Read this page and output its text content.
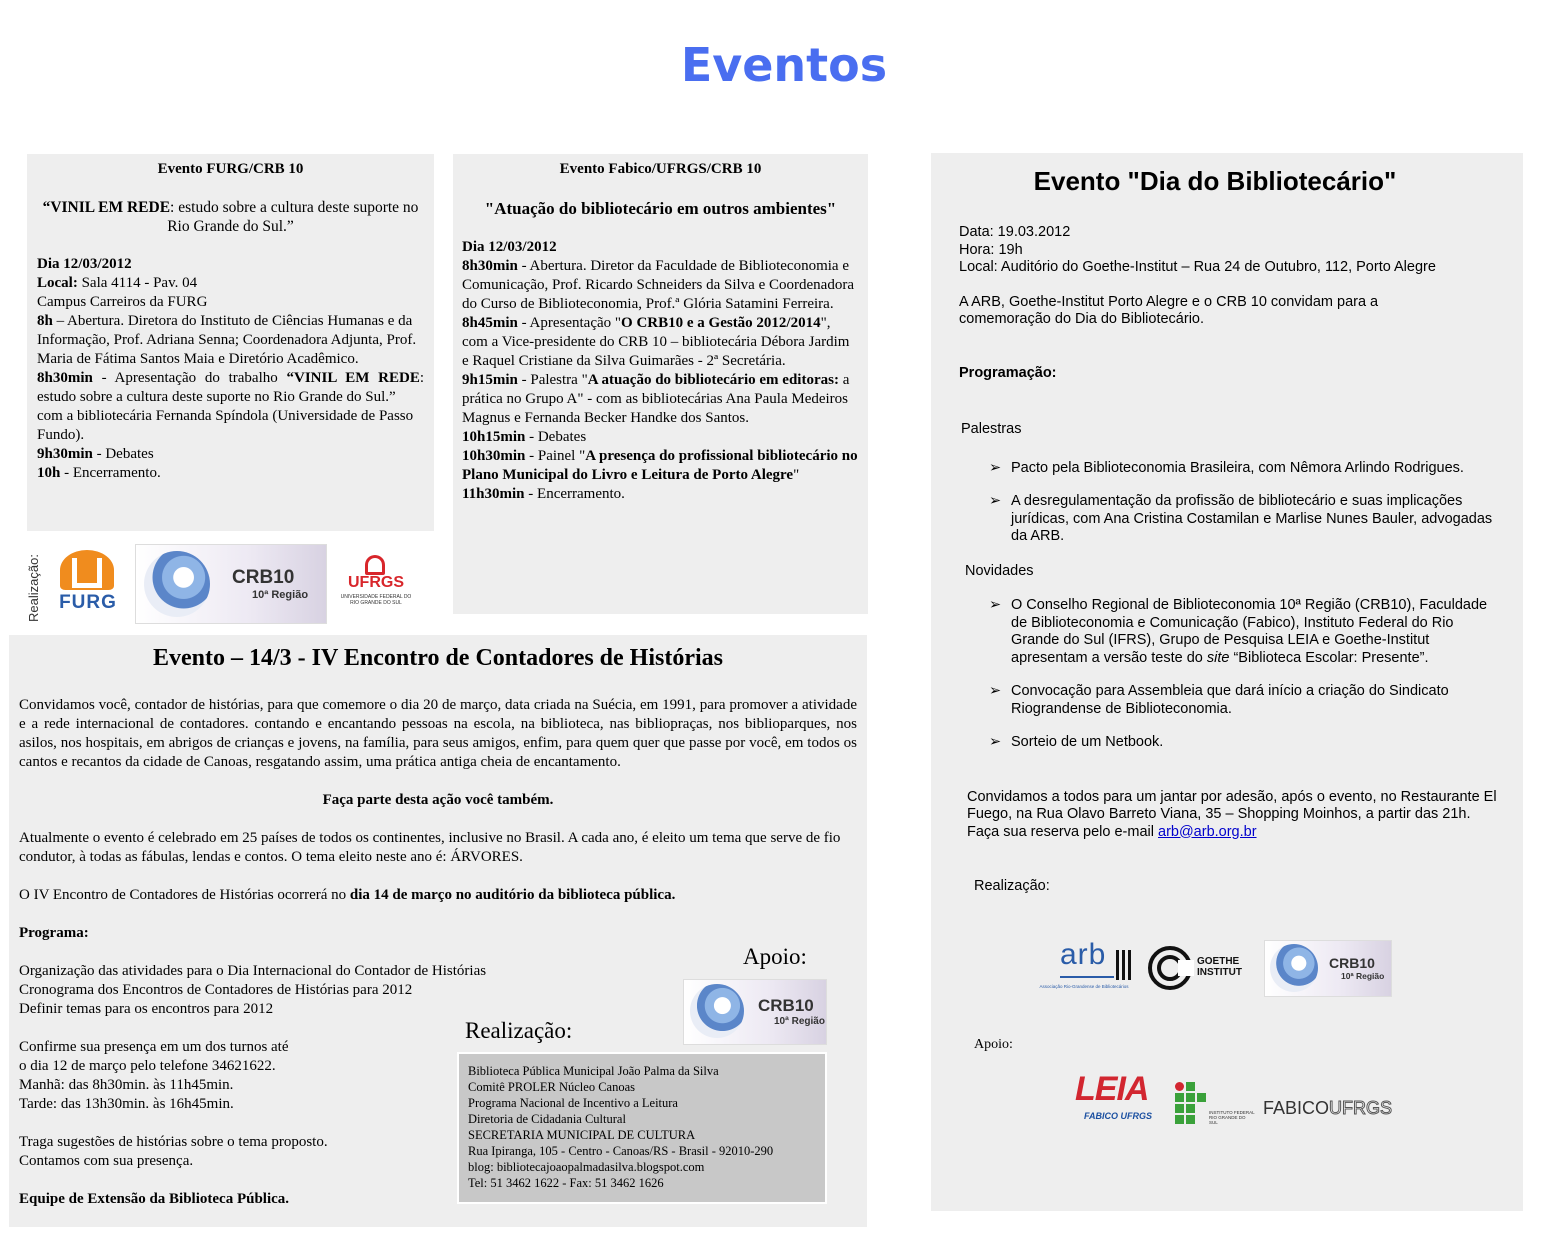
Eventos

Evento FURG/CRB 10

“VINIL EM REDE: estudo sobre a cultura deste suporte no Rio Grande do Sul.”

Dia 12/03/2012

Local: Sala 4114 - Pav. 04

Campus Carreiros da FURG

8h – Abertura. Diretora do Instituto de Ciências Humanas e da Informação, Prof. Adriana Senna; Coordenadora Adjunta, Prof. Maria de Fátima Santos Maia e Diretório Acadêmico.

8h30min - Apresentação do trabalho “VINIL EM REDE: estudo sobre a cultura deste suporte no Rio Grande do Sul.”

com a bibliotecária Fernanda Spíndola (Universidade de Passo Fundo).

9h30min - Debates

10h - Encerramento.

Realização: FURG
CRB10
10ª Região
UFRGS
UNIVERSIDADE FEDERAL DO RIO GRANDE DO SUL

Evento Fabico/UFRGS/CRB 10

"Atuação do bibliotecário em outros ambientes"

Dia 12/03/2012

8h30min - Abertura. Diretor da Faculdade de Biblioteconomia e Comunicação, Prof. Ricardo Schneiders da Silva e Coordenadora do Curso de Biblioteconomia, Prof.ª Glória Satamini Ferreira.

8h45min - Apresentação "O CRB10 e a Gestão 2012/2014", com a Vice-presidente do CRB 10 – bibliotecária Débora Jardim e Raquel Cristiane da Silva Guimarães - 2ª Secretária.

9h15min - Palestra "A atuação do bibliotecário em editoras: a prática no Grupo A" - com as bibliotecárias Ana Paula Medeiros Magnus e Fernanda Becker Handke dos Santos.

10h15min - Debates

10h30min - Painel "A presença do profissional bibliotecário no Plano Municipal do Livro e Leitura de Porto Alegre"

11h30min - Encerramento.

Evento – 14/3 - IV Encontro de Contadores de Histórias

Convidamos você, contador de histórias, para que comemore o dia 20 de março, data criada na Suécia, em 1991, para promover a atividade e a rede internacional de contadores. contando e encantando pessoas na escola, na biblioteca, nas bibliopraças, nos biblioparques, nos asilos, nos hospitais, em abrigos de crianças e jovens, na família, para seus amigos, enfim, para quem quer que passe por você, em todos os cantos e recantos da cidade de Canoas, resgatando assim, uma prática antiga cheia de encantamento.

Faça parte desta ação você também.

Atualmente o evento é celebrado em 25 países de todos os continentes, inclusive no Brasil. A cada ano, é eleito um tema que serve de fio condutor, à todas as fábulas, lendas e contos. O tema eleito neste ano é: ÁRVORES.

O IV Encontro de Contadores de Histórias ocorrerá no dia 14 de março no auditório da biblioteca pública.

Programa:

Organização das atividades para o Dia Internacional do Contador de Histórias

Cronograma dos Encontros de Contadores de Histórias para 2012

Definir temas para os encontros para 2012

Confirme sua presença em um dos turnos até

o dia 12 de março pelo telefone 34621622.

Manhã: das 8h30min. às 11h45min.

Tarde: das 13h30min. às 16h45min.

Traga sugestões de histórias sobre o tema proposto.

Contamos com sua presença.

Equipe de Extensão da Biblioteca Pública.

Apoio:
CRB10
10ª Região
Realização:

Biblioteca Pública Municipal João Palma da Silva

Comitê PROLER Núcleo Canoas

Programa Nacional de Incentivo a Leitura

Diretoria de Cidadania Cultural

SECRETARIA MUNICIPAL DE CULTURA

Rua Ipiranga, 105 - Centro - Canoas/RS - Brasil - 92010-290

blog: bibliotecajoaopalmadasilva.blogspot.com

Tel: 51 3462 1622 - Fax: 51 3462 1626

Evento "Dia do Bibliotecário"

Data: 19.03.2012

Hora: 19h

Local: Auditório do Goethe-Institut – Rua 24 de Outubro, 112, Porto Alegre

A ARB, Goethe-Institut Porto Alegre e o CRB 10 convidam para a comemoração do Dia do Bibliotecário.

Programação:

Palestras

➢ Pacto pela Biblioteconomia Brasileira, com Nêmora Arlindo Rodrigues.
➢ A desregulamentação da profissão de bibliotecário e suas implicações jurídicas, com Ana Cristina Costamilan e Marlise Nunes Bauler, advogadas da ARB.

Novidades

➢ O Conselho Regional de Biblioteconomia 10ª Região (CRB10), Faculdade de Biblioteconomia e Comunicação (Fabico), Instituto Federal do Rio Grande do Sul (IFRS), Grupo de Pesquisa LEIA e Goethe-Institut apresentam a versão teste do site “Biblioteca Escolar: Presente”.
➢ Convocação para Assembleia que dará início a criação do Sindicato Riograndense de Biblioteconomia.
➢ Sorteio de um Netbook.

Convidamos a todos para um jantar por adesão, após o evento, no Restaurante El Fuego, na Rua Olavo Barreto Viana, 35 – Shopping Moinhos, a partir das 21h.

Faça sua reserva pelo e-mail arb@arb.org.br

Realização:

arb
Associação Rio-Grandense de Bibliotecários
GOETHE INSTITUT
CRB10
10ª Região
Apoio:
LEIA
FABICO UFRGS	INSTITUTO FEDERAL RIO GRANDE DO SUL
FABICOUFRGS
